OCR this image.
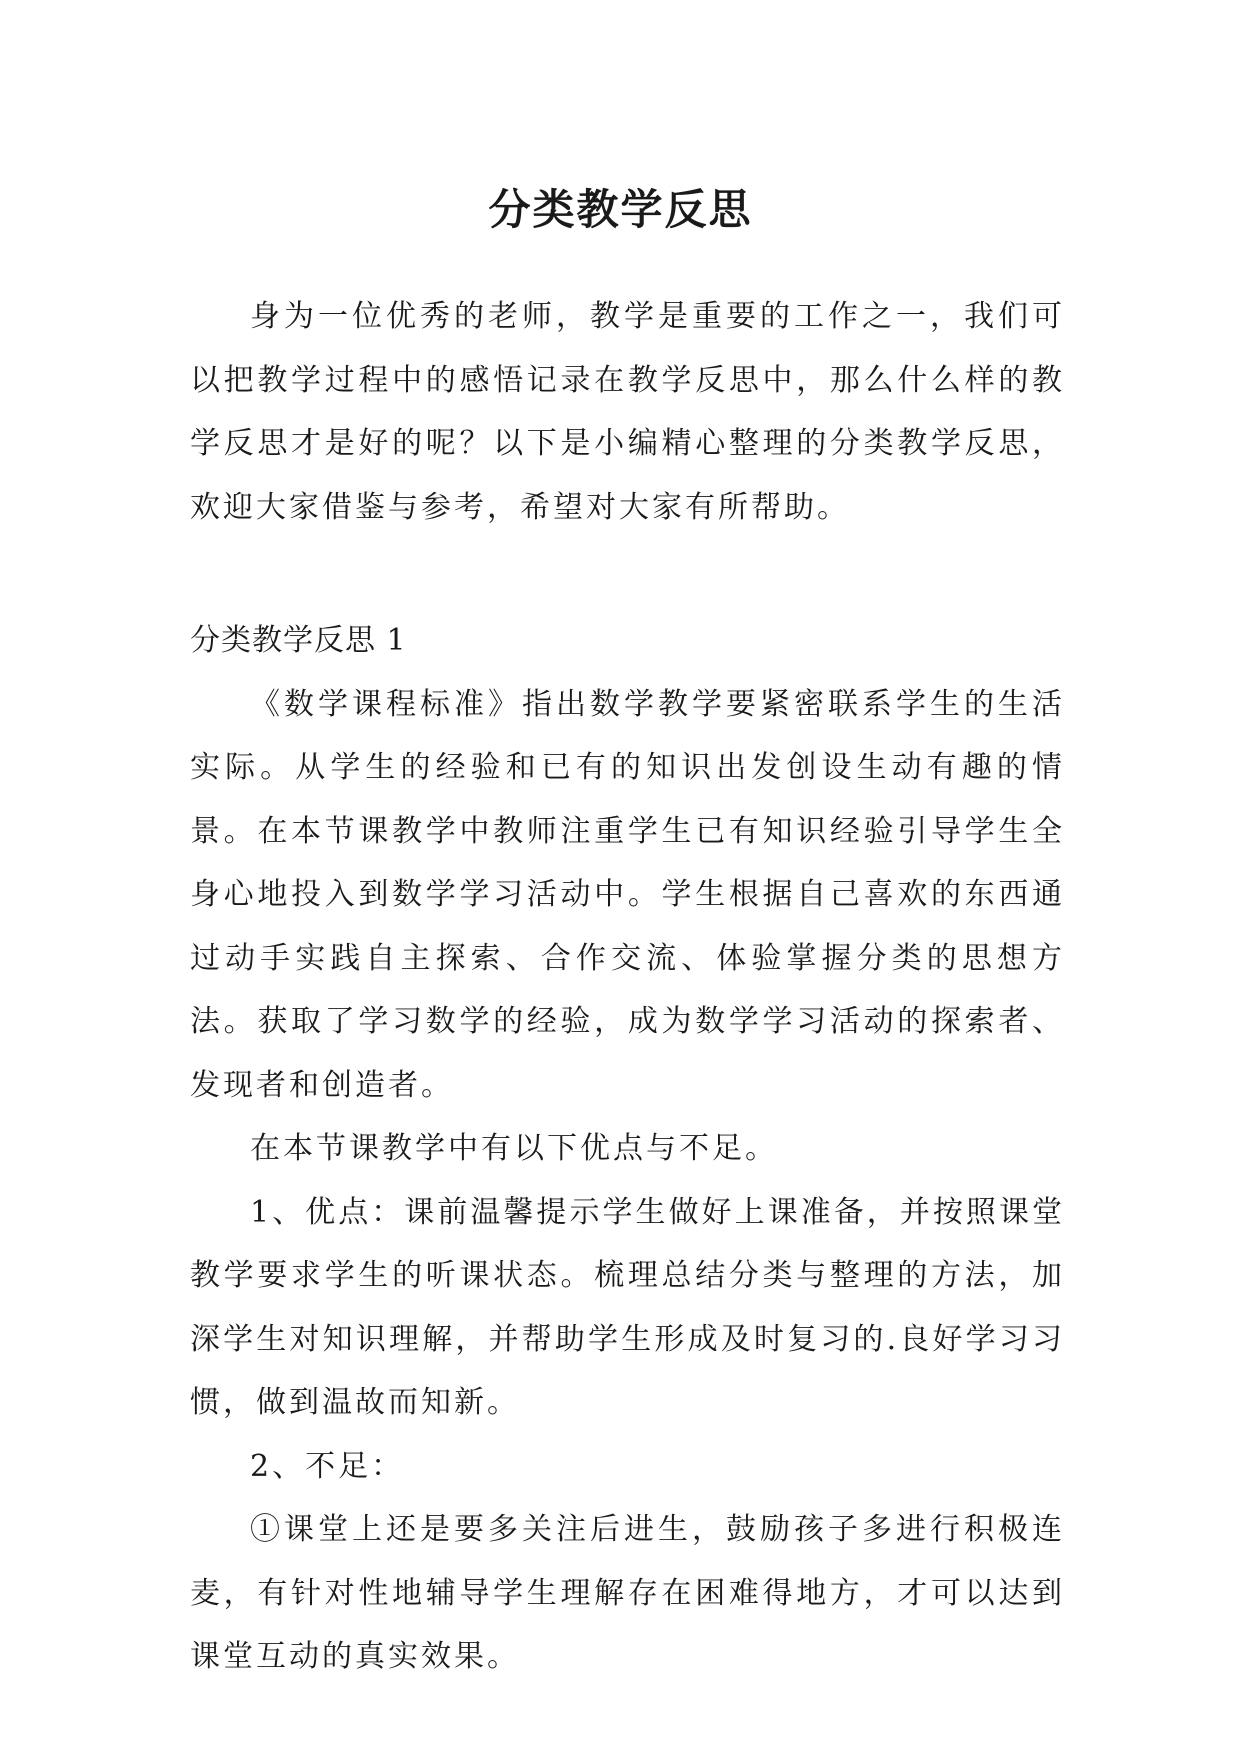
分类教学反思

身为一位优秀的老师，教学是重要的工作之一，我们可以把教学过程中的感悟记录在教学反思中，那么什么样的教学反思才是好的呢？以下是小编精心整理的分类教学反思，欢迎大家借鉴与参考，希望对大家有所帮助。

分类教学反思 1

《数学课程标准》指出数学教学要紧密联系学生的生活实际。从学生的经验和已有的知识出发创设生动有趣的情景。在本节课教学中教师注重学生已有知识经验引导学生全身心地投入到数学学习活动中。学生根据自己喜欢的东西通过动手实践自主探索、合作交流、体验掌握分类的思想方法。获取了学习数学的经验，成为数学学习活动的探索者、发现者和创造者。

在本节课教学中有以下优点与不足。

1、优点：课前温馨提示学生做好上课准备，并按照课堂教学要求学生的听课状态。梳理总结分类与整理的方法，加深学生对知识理解，并帮助学生形成及时复习的.良好学习习惯，做到温故而知新。

2、不足：

①课堂上还是要多关注后进生，鼓励孩子多进行积极连麦，有针对性地辅导学生理解存在困难得地方，才可以达到课堂互动的真实效果。
